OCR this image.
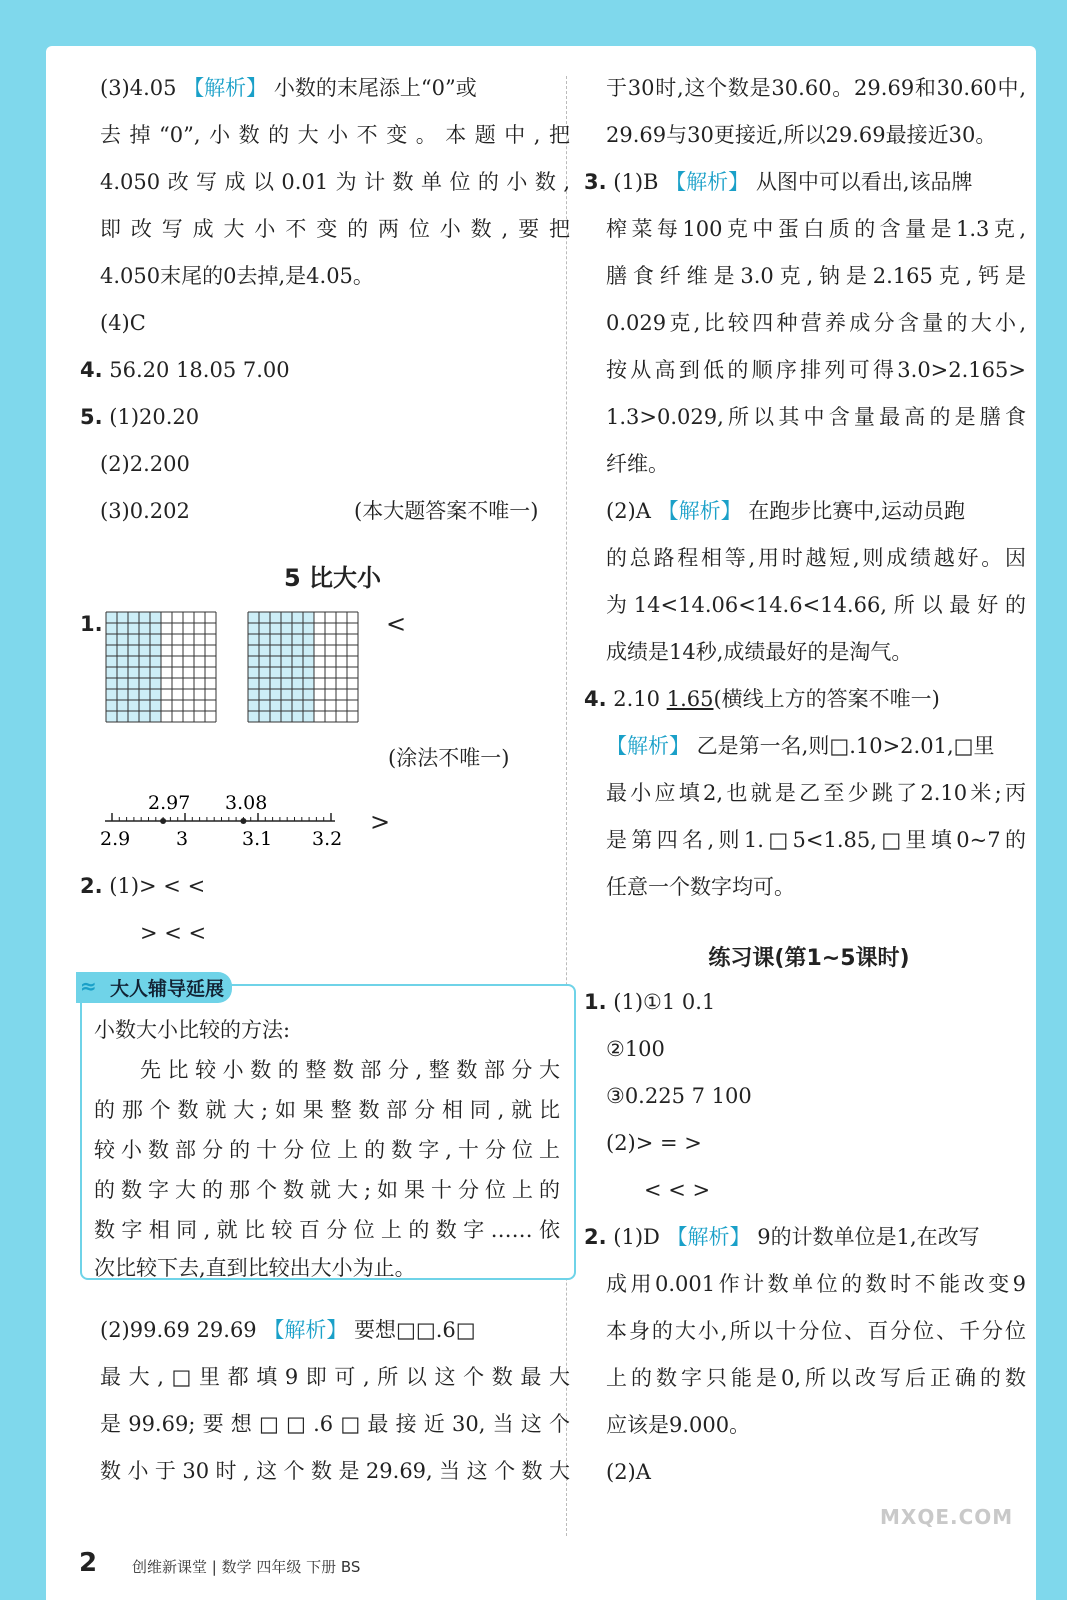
(3)4.05 【解析】 小数的末尾添上“0”或
去掉“0”,小数的大小不变。本题中,把
4.050改写成以0.01为计数单位的小数,
即改写成大小不变的两位小数,要把
4.050末尾的0去掉,是4.05。
(4)C
4. 56.20 18.05 7.00
5. (1)20.20
(2)2.200
(3)0.202	(本大题答案不唯一)
5 比大小
1.	<
(涂法不唯一)
2.97 3.08
2.9 3	3.1 3.2
>
2. (1)> < <
> < <
≈ 大人辅导延展
小数大小比较的方法:
先比较小数的整数部分,整数部分大
的那个数就大;如果整数部分相同,就比
较小数部分的十分位上的数字,十分位上
的数字大的那个数就大;如果十分位上的
数字相同,就比较百分位上的数字……依
次比较下去,直到比较出大小为止。
(2)99.69 29.69 【解析】 要想□□.6□
最大,□里都填9即可,所以这个数最大
是99.69;要想□□.6□最接近30,当这个
数小于30时,这个数是29.69,当这个数大
于30时,这个数是30.60。29.69和30.60中,
29.69与30更接近,所以29.69最接近30。
3. (1)B 【解析】 从图中可以看出,该品牌
榨菜每100克中蛋白质的含量是1.3克,
膳食纤维是3.0克,钠是2.165克,钙是
0.029克,比较四种营养成分含量的大小,
按从高到低的顺序排列可得3.0>2.165>
1.3>0.029,所以其中含量最高的是膳食
纤维。
(2)A 【解析】 在跑步比赛中,运动员跑
的总路程相等,用时越短,则成绩越好。因
为14<14.06<14.6<14.66,所以最好的
成绩是14秒,成绩最好的是淘气。
4. 2.10 1.65(横线上方的答案不唯一)
【解析】 乙是第一名,则□.10>2.01,□里
最小应填2,也就是乙至少跳了2.10米;丙
是第四名,则1.□5<1.85,□里填0~7的
任意一个数字均可。
练习课(第1~5课时)
1. (1)①1 0.1
②100
③0.225 7 100
(2)> = >
< < >
2. (1)D 【解析】 9的计数单位是1,在改写
成用0.001作计数单位的数时不能改变9
本身的大小,所以十分位、百分位、千分位
上的数字只能是0,所以改写后正确的数
应该是9.000。
(2)A
2 创维新课堂 | 数学 四年级 下册 BS
MXQE.COM
